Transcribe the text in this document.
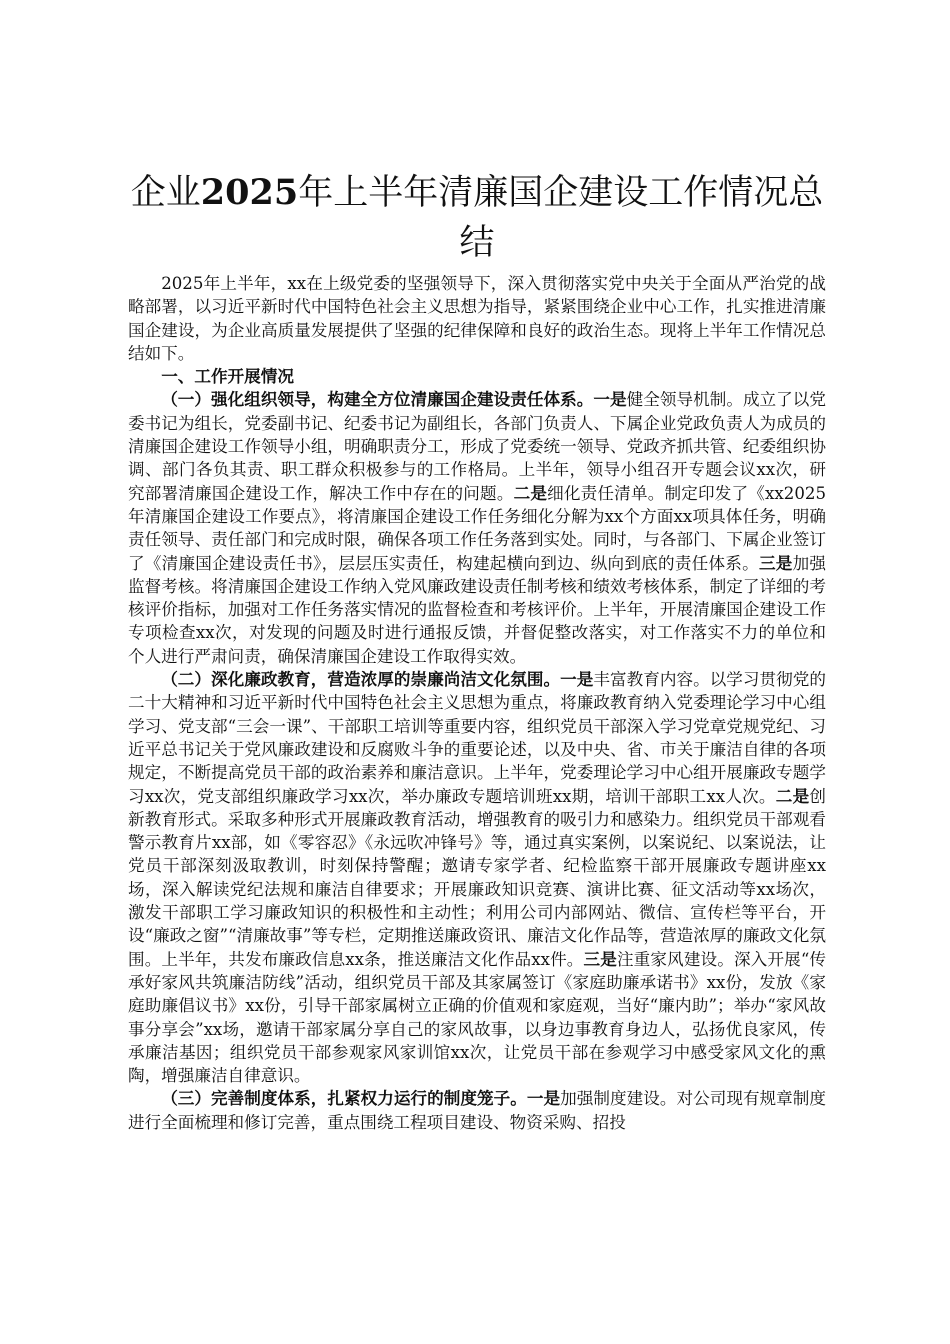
企业2025年上半年清廉国企建设工作情况总结

2025年上半年，xx在上级党委的坚强领导下，深入贯彻落实党中央关于全面从严治党的战略部署，以习近平新时代中国特色社会主义思想为指导，紧紧围绕企业中心工作，扎实推进清廉国企建设，为企业高质量发展提供了坚强的纪律保障和良好的政治生态。现将上半年工作情况总结如下。

一、工作开展情况

（一）强化组织领导，构建全方位清廉国企建设责任体系。一是健全领导机制。成立了以党委书记为组长，党委副书记、纪委书记为副组长，各部门负责人、下属企业党政负责人为成员的清廉国企建设工作领导小组，明确职责分工，形成了党委统一领导、党政齐抓共管、纪委组织协调、部门各负其责、职工群众积极参与的工作格局。上半年，领导小组召开专题会议xx次，研究部署清廉国企建设工作，解决工作中存在的问题。二是细化责任清单。制定印发了《xx2025年清廉国企建设工作要点》，将清廉国企建设工作任务细化分解为xx个方面xx项具体任务，明确责任领导、责任部门和完成时限，确保各项工作任务落到实处。同时，与各部门、下属企业签订了《清廉国企建设责任书》，层层压实责任，构建起横向到边、纵向到底的责任体系。三是加强监督考核。将清廉国企建设工作纳入党风廉政建设责任制考核和绩效考核体系，制定了详细的考核评价指标，加强对工作任务落实情况的监督检查和考核评价。上半年，开展清廉国企建设工作专项检查xx次，对发现的问题及时进行通报反馈，并督促整改落实，对工作落实不力的单位和个人进行严肃问责，确保清廉国企建设工作取得实效。

（二）深化廉政教育，营造浓厚的崇廉尚洁文化氛围。一是丰富教育内容。以学习贯彻党的二十大精神和习近平新时代中国特色社会主义思想为重点，将廉政教育纳入党委理论学习中心组学习、党支部“三会一课”、干部职工培训等重要内容，组织党员干部深入学习党章党规党纪、习近平总书记关于党风廉政建设和反腐败斗争的重要论述，以及中央、省、市关于廉洁自律的各项规定，不断提高党员干部的政治素养和廉洁意识。上半年，党委理论学习中心组开展廉政专题学习xx次，党支部组织廉政学习xx次，举办廉政专题培训班xx期，培训干部职工xx人次。二是创新教育形式。采取多种形式开展廉政教育活动，增强教育的吸引力和感染力。组织党员干部观看警示教育片xx部，如《零容忍》《永远吹冲锋号》等，通过真实案例，以案说纪、以案说法，让党员干部深刻汲取教训，时刻保持警醒；邀请专家学者、纪检监察干部开展廉政专题讲座xx场，深入解读党纪法规和廉洁自律要求；开展廉政知识竞赛、演讲比赛、征文活动等xx场次，激发干部职工学习廉政知识的积极性和主动性；利用公司内部网站、微信、宣传栏等平台，开设“廉政之窗”“清廉故事”等专栏，定期推送廉政资讯、廉洁文化作品等，营造浓厚的廉政文化氛围。上半年，共发布廉政信息xx条，推送廉洁文化作品xx件。三是注重家风建设。深入开展“传承好家风共筑廉洁防线”活动，组织党员干部及其家属签订《家庭助廉承诺书》xx份，发放《家庭助廉倡议书》xx份，引导干部家属树立正确的价值观和家庭观，当好“廉内助”；举办“家风故事分享会”xx场，邀请干部家属分享自己的家风故事，以身边事教育身边人，弘扬优良家风，传承廉洁基因；组织党员干部参观家风家训馆xx次，让党员干部在参观学习中感受家风文化的熏陶，增强廉洁自律意识。

（三）完善制度体系，扎紧权力运行的制度笼子。一是加强制度建设。对公司现有规章制度进行全面梳理和修订完善，重点围绕工程项目建设、物资采购、招投
